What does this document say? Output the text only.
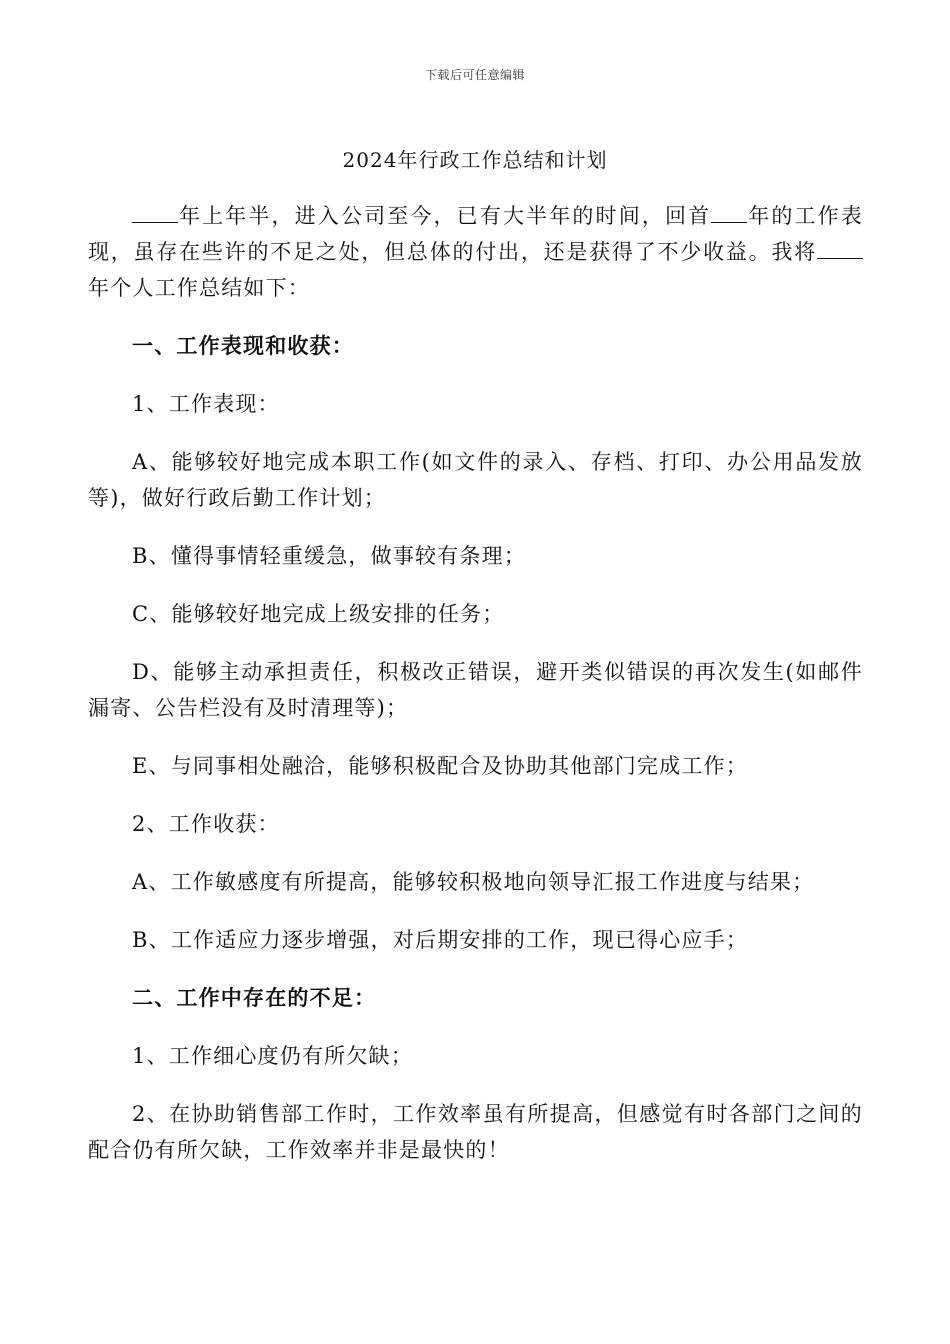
下载后可任意编辑
2024年行政工作总结和计划

年上年半，进入公司至今，已有大半年的时间，回首 年的工作表现，虽存在些许的不足之处，但总体的付出，还是获得了不少收益。我将年个人工作总结如下：

一、工作表现和收获：

1、工作表现：

A、能够较好地完成本职工作(如文件的录入、存档、打印、办公用品发放等)，做好行政后勤工作计划；

B、懂得事情轻重缓急，做事较有条理；

C、能够较好地完成上级安排的任务；

D、能够主动承担责任，积极改正错误，避开类似错误的再次发生(如邮件漏寄、公告栏没有及时清理等)；

E、与同事相处融洽，能够积极配合及协助其他部门完成工作；

2、工作收获：

A、工作敏感度有所提高，能够较积极地向领导汇报工作进度与结果；

B、工作适应力逐步增强，对后期安排的工作，现已得心应手；

二、工作中存在的不足：

1、工作细心度仍有所欠缺；

2、在协助销售部工作时，工作效率虽有所提高，但感觉有时各部门之间的配合仍有所欠缺，工作效率并非是最快的！
